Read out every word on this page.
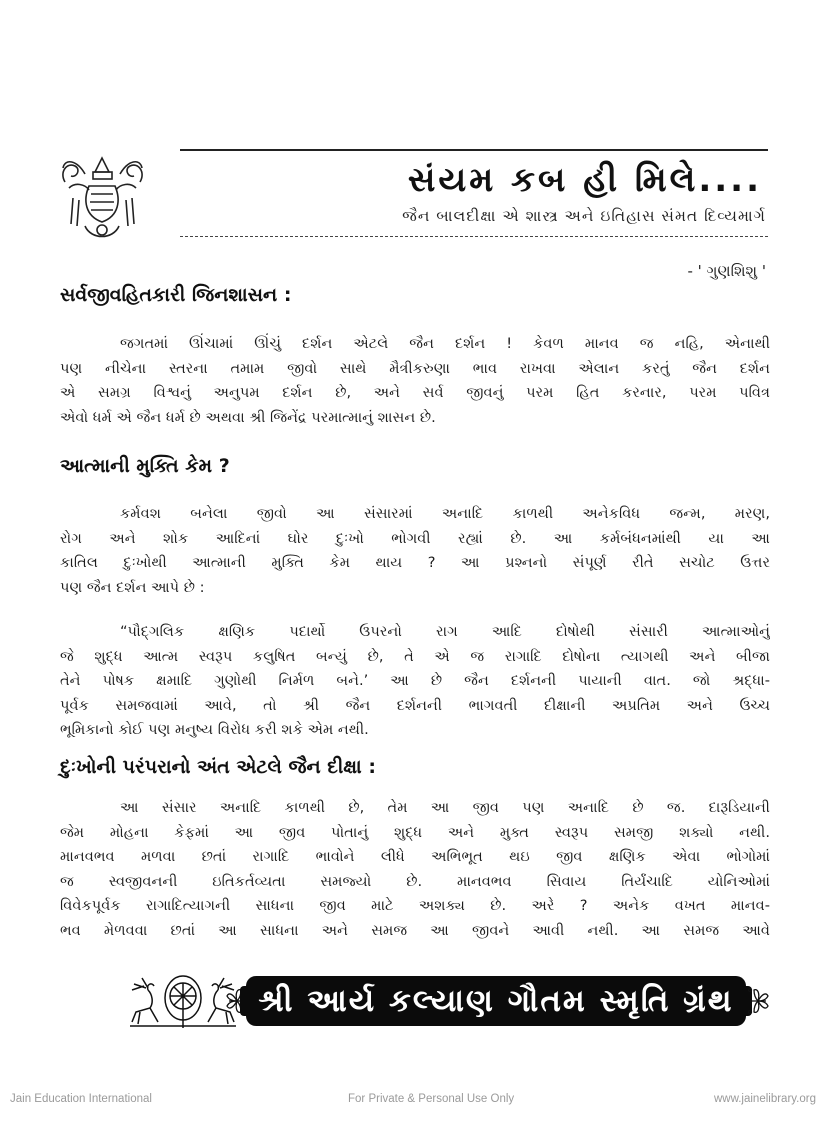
સંયમ કબ હી મિલે....
જૈન બાલદીક્ષા એ શાસ્ત્ર અને ઇતિહાસ સંમત દિવ્યમાર્ગ
- ' ગુણશિશુ '
સર્વજીવહિતકારી જિનશાસન :
જગતમાં ઊંચામાં ઊંચું દર્શન એટલે જૈન દર્શન ! કેવળ માનવ જ નહિ, એનાથી
પણ નીચેના સ્તરના તમામ જીવો સાથે મૈત્રીકરુણા ભાવ રાખવા એલાન કરતું જૈન દર્શન
એ સમગ્ર વિશ્વનું અનુપમ દર્શન છે, અને સર્વ જીવનું પરમ હિત કરનાર, પરમ પવિત્ર
એવો ધર્મ એ જૈન ધર્મ છે અથવા શ્રી જિનેંદ્ર પરમાત્માનું શાસન છે.
આત્માની મુક્તિ કેમ ?
કર્મવશ બનેલા જીવો આ સંસારમાં અનાદિ કાળથી અનેકવિધ જન્મ, મરણ,
રોગ અને શોક આદિનાં ઘોર દુઃખો ભોગવી રહ્યાં છે. આ કર્મબંધનમાંથી યા આ
કાતિલ દુઃખોથી આત્માની મુક્તિ કેમ થાય ? આ પ્રશ્નનો સંપૂર્ણ રીતે સચોટ ઉત્તર
પણ જૈન દર્શન આપે છે :
“પૌદ્‌ગલિક ક્ષણિક પદાર્થો ઉપરનો રાગ આદિ દોષોથી સંસારી આત્માઓનું
જે શુદ્ધ આત્મ સ્વરૂપ કલુષિત બન્યું છે, તે એ જ રાગાદિ દોષોના ત્યાગથી અને બીજા
તેને પોષક ક્ષમાદિ ગુણોથી નિર્મળ બને.’ આ છે જૈન દર્શનની પાયાની વાત. જો શ્રદ્ધા-
પૂર્વક સમજવામાં આવે, તો શ્રી જૈન દર્શનની ભાગવતી દીક્ષાની અપ્રતિમ અને ઉચ્ચ
ભૂમિકાનો કોઈ પણ મનુષ્ય વિરોધ કરી શકે એમ નથી.
દુઃખોની પરંપરાનો અંત એટલે જૈન દીક્ષા :
આ સંસાર અનાદિ કાળથી છે, તેમ આ જીવ પણ અનાદિ છે જ. દારૂડિયાની
જેમ મોહના કેફમાં આ જીવ પોતાનું શુદ્ધ અને મુક્ત સ્વરૂપ સમજી શક્યો નથી.
માનવભવ મળવા છતાં રાગાદિ ભાવોને લીધે અભિભૂત થઇ જીવ ક્ષણિક એવા ભોગોમાં
જ સ્વજીવનની ઇતિકર્તવ્યતા સમજ્યો છે. માનવભવ સિવાય તિર્યંચાદિ યોનિઓમાં
વિવેકપૂર્વક રાગાદિત્યાગની સાધના જીવ માટે અશક્ય છે. અરે ? અનેક વખત માનવ-
ભવ મેળવવા છતાં આ સાધના અને સમજ આ જીવને આવી નથી. આ સમજ આવે
શ્રી આર્ય કલ્યાણ ગૌતમ સ્મૃતિ ગ્રંથ
Jain Education International	For Private & Personal Use Only	www.jainelibrary.org
